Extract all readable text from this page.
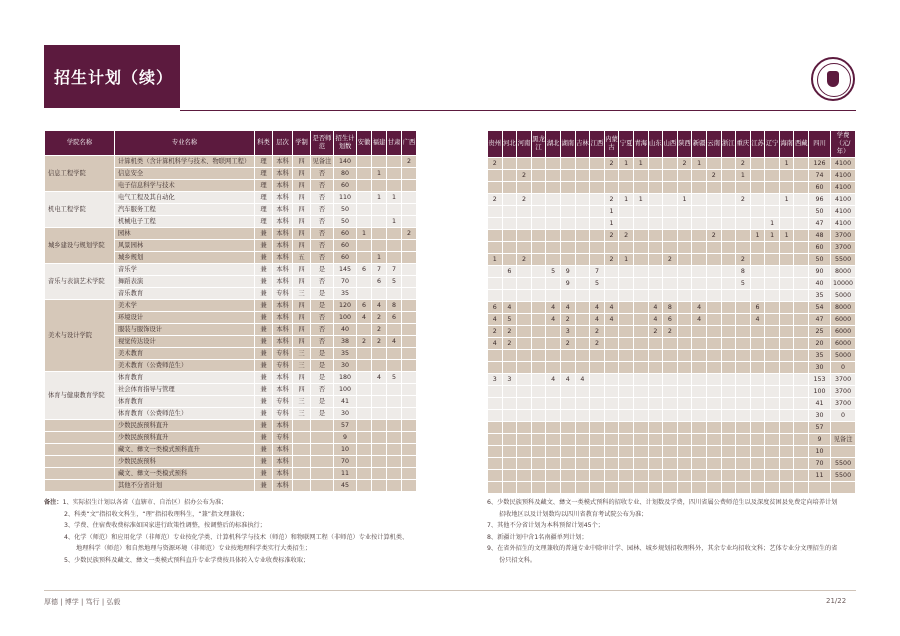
招生计划（续）
学院名称	专业名称	科类	层次	学制	是否师范	招生计划数	安徽	福建	甘肃	广西
信息工程学院	计算机类（含计算机科学与技术、物联网工程）	理	本科	四	见备注	140				2
	信息安全	理	本科	四	否	80		1		
	电子信息科学与技术	理	本科	四	否	60				
机电工程学院	电气工程及其自动化	理	本科	四	否	110		1	1	
	汽车服务工程	理	本科	四	否	50				
	机械电子工程	理	本科	四	否	50			1	
城乡建设与规划学院	园林	兼	本科	四	否	60	1			2
	风景园林	兼	本科	四	否	60				
	城乡规划	兼	本科	五	否	60		1		
音乐与表演艺术学院	音乐学	兼	本科	四	是	145	6	7	7	
	舞蹈表演	兼	本科	四	否	70		6	5	
	音乐教育	兼	专科	三	是	35				
美术与设计学院	美术学	兼	本科	四	是	120	6	4	8	
	环境设计	兼	本科	四	否	100	4	2	6	
	服装与服饰设计	兼	本科	四	否	40		2		
	视觉传达设计	兼	本科	四	否	38	2	2	4	
	美术教育	兼	专科	三	是	35				
	美术教育（公费师范生）	兼	专科	三	是	30				
体育与健康教育学院	体育教育	兼	本科	四	是	180		4	5	
	社会体育指导与管理	兼	本科	四	否	100				
	体育教育	兼	专科	三	是	41				
	体育教育（公费师范生）	兼	专科	三	是	30				
	少数民族预科直升	兼	本科			57				
	少数民族预科直升	兼	专科			9				
	藏文、彝文一类模式预科直升	兼	本科			10				
	少数民族预科	兼	本科			70				
	藏文、彝文一类模式预科	兼	本科			11				
	其他不分省计划	兼	本科			45				
贵州	河北	河南	黑龙江	湖北	湖南	吉林	江西	内蒙古	宁夏	青海	山东	山西	陕西	新疆	云南	浙江	重庆	江苏	辽宁	海南	西藏	四川	学费（元/年）
2								2	1	1			2	1			2			1		126	4100
		2													2		1					74	4100
																						60	4100
2		2						2	1	1			1				2			1		96	4100
								1														50	4100
								1											1			47	4100
								2	2						2			1	1	1		48	3700
																						60	3700
1		2						2	1			2					2					50	5500
	6			5	9		7										8					90	8000
					9		5										5					40	10000
																						35	5000
6	4			4	4		4	4			4	8		4				6				54	8000
4	5			4	2		4	4			4	6		4				4				47	6000
2	2				3		2				2	2										25	6000
4	2				2		2															20	6000
																						35	5000
																						30	0
3	3			4	4	4																153	3700
																						100	3700
																						41	3700
																						30	0
																						57	
																						9	见备注
																						10	
																						70	5500
																						11	5500

备注：1、实际招生计划以各省（直辖市、自治区）招办公布为准；
2、科类“文”指招收文科生，“理”指招收理科生，“兼”指文理兼收；
3、学费、住宿费收费标准如国家进行政策性调整，按调整后的标准执行；
4、化学（师范）和应用化学（非师范）专业按化学类、计算机科学与技术（师范）和物联网工程（非师范）专业按计算机类、
地理科学（师范）和自然地理与资源环境（非师范）专业按地理科学类实行大类招生；
5、少数民族预科及藏文、彝文一类模式预科直升专业学费按具体转入专业收费标准收取；
6、少数民族预科及藏文、彝文一类模式预科的招收专业、计划数及学费，四川省属公费师范生以及深度贫困县免费定向培养计划
招收地区以及计划数均以四川省教育考试院公布为准；
7、其他不分省计划为本科预留计划45个；
8、新疆计划中含1名南疆单列计划；
9、在省外招生的文理兼收的普通专业中除审计学、园林、城乡规划招收理科外，其余专业均招收文科；艺体专业分文理招生的省
份只招文科。
厚德 | 博学 | 笃行 | 弘毅	21/22
